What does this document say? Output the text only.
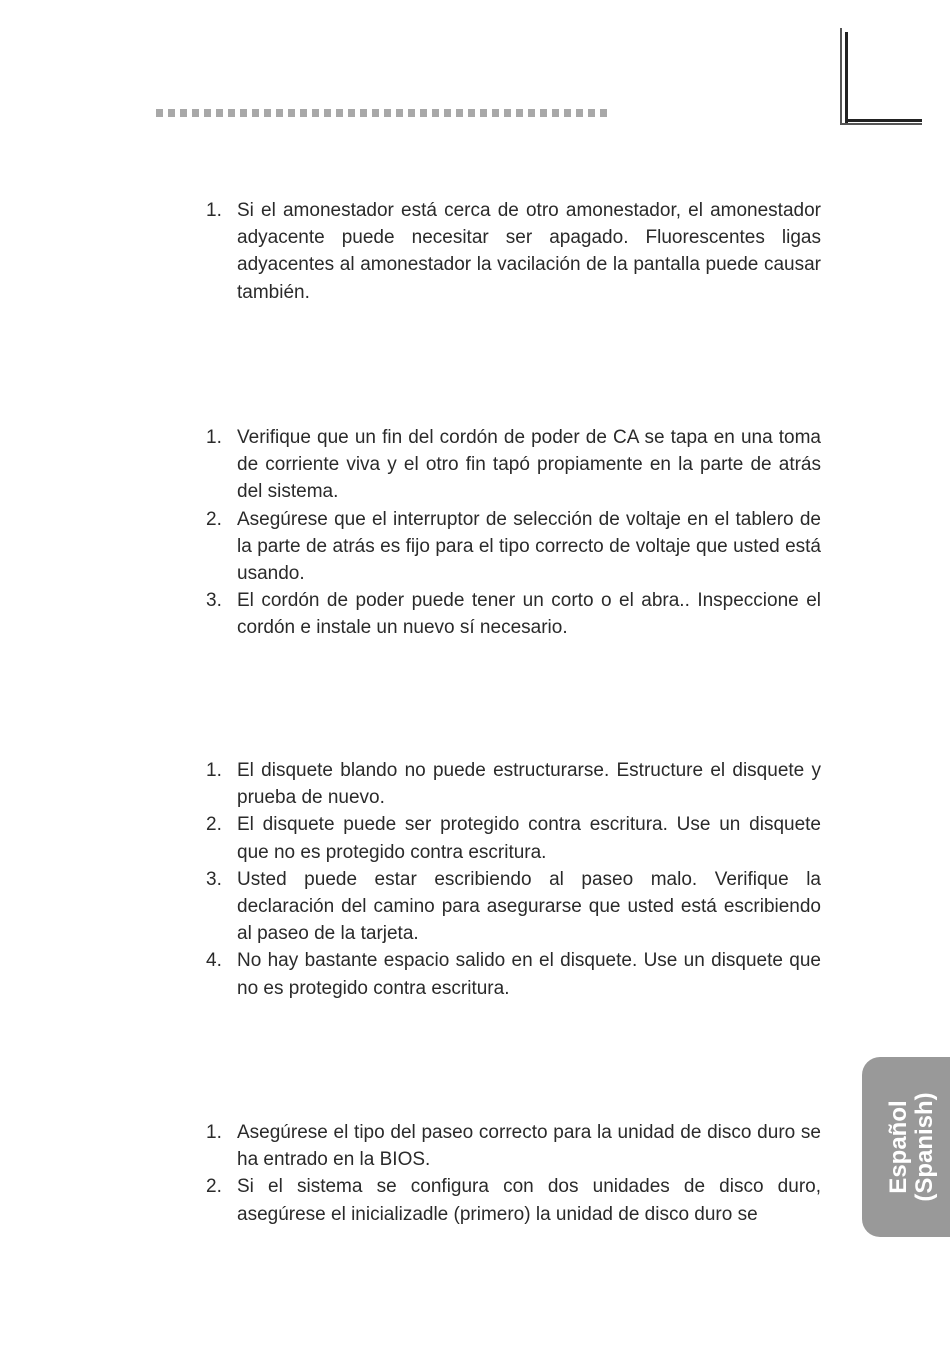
1. Si el amonestador está cerca de otro amonestador, el amonestador adyacente puede necesitar ser apagado. Fluorescentes ligas adyacentes al amonestador la vacilación de la pantalla puede causar también.
1. Verifique que un fin del cordón de poder de CA se tapa en una toma de corriente viva y el otro fin tapó propiamente en la parte de atrás del sistema.
2. Asegúrese que el interruptor de selección de voltaje en el tablero de la parte de atrás es fijo para el tipo correcto de voltaje que usted está usando.
3. El cordón de poder puede tener un corto o el abra.. Inspeccione el cordón e instale un nuevo sí necesario.
1. El disquete blando no puede estructurarse. Estructure el disquete y prueba de nuevo.
2. El disquete puede ser protegido contra escritura. Use un disquete que no es protegido contra escritura.
3. Usted puede estar escribiendo al paseo malo. Verifique la declaración del camino para asegurarse que usted está escribiendo al paseo de la tarjeta.
4. No hay bastante espacio salido en el disquete. Use un disquete que no es protegido contra escritura.
1. Asegúrese el tipo del paseo correcto para la unidad de disco duro se ha entrado en la BIOS.
2. Si el sistema se configura con dos unidades de disco duro, asegúrese el inicializadle (primero) la unidad de disco duro se
Español (Spanish)
